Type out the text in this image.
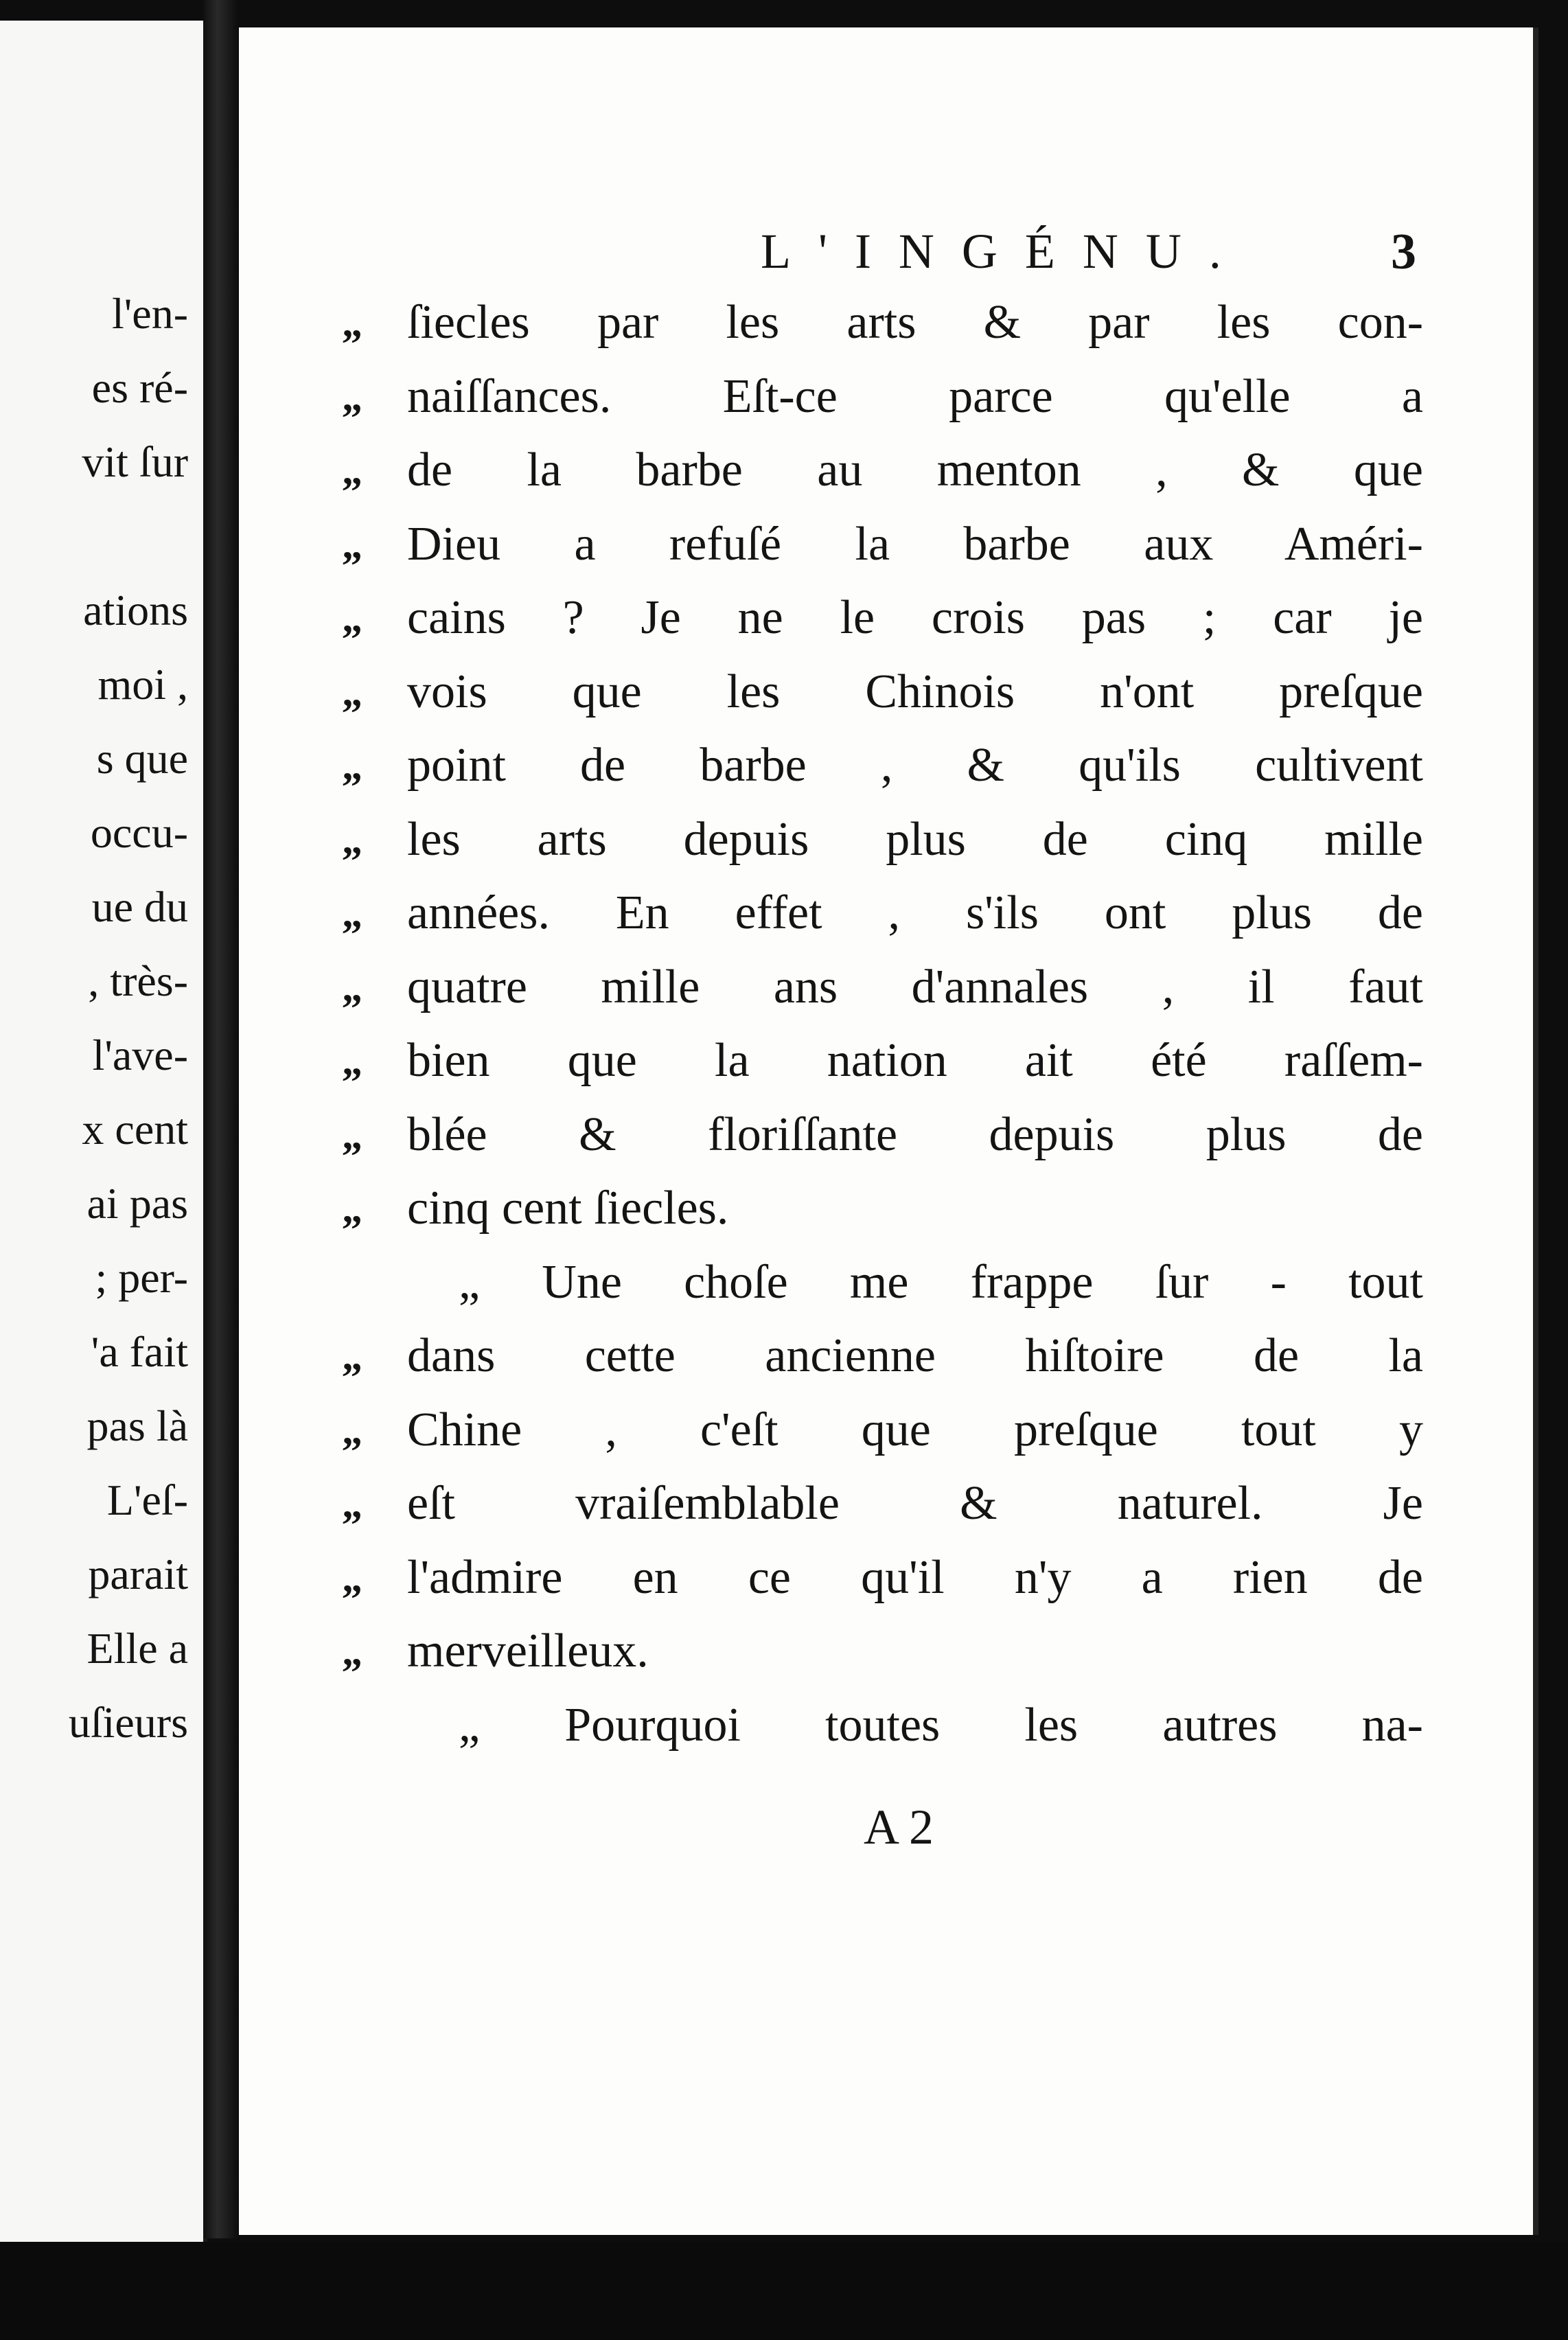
l'en-
es ré-
vit ſur
ations
moi ,
s que
occu-
ue du
, très-
l'ave-
x cent
ai pas
; per-
'a fait
pas là
L'eſ-
parait
Elle a
uſieurs
L'INGÉNU.	3
„ ſiecles par les arts & par les con-
„ naiſſances. Eſt-ce parce qu'elle a
„ de la barbe au menton , & que
„ Dieu a refuſé la barbe aux Améri-
„ cains ? Je ne le crois pas ; car je
„ vois que les Chinois n'ont preſque
„ point de barbe , & qu'ils cultivent
„ les arts depuis plus de cinq mille
„ années. En effet , s'ils ont plus de
„ quatre mille ans d'annales , il faut
„ bien que la nation ait été raſſem-
„ blée & floriſſante depuis plus de
„ cinq cent ſiecles.
„ Une choſe me frappe ſur - tout
„ dans cette ancienne hiſtoire de la
„ Chine , c'eſt que preſque tout y
„ eſt vraiſemblable & naturel. Je
„ l'admire en ce qu'il n'y a rien de
„ merveilleux.
„ Pourquoi toutes les autres na-
A 2
